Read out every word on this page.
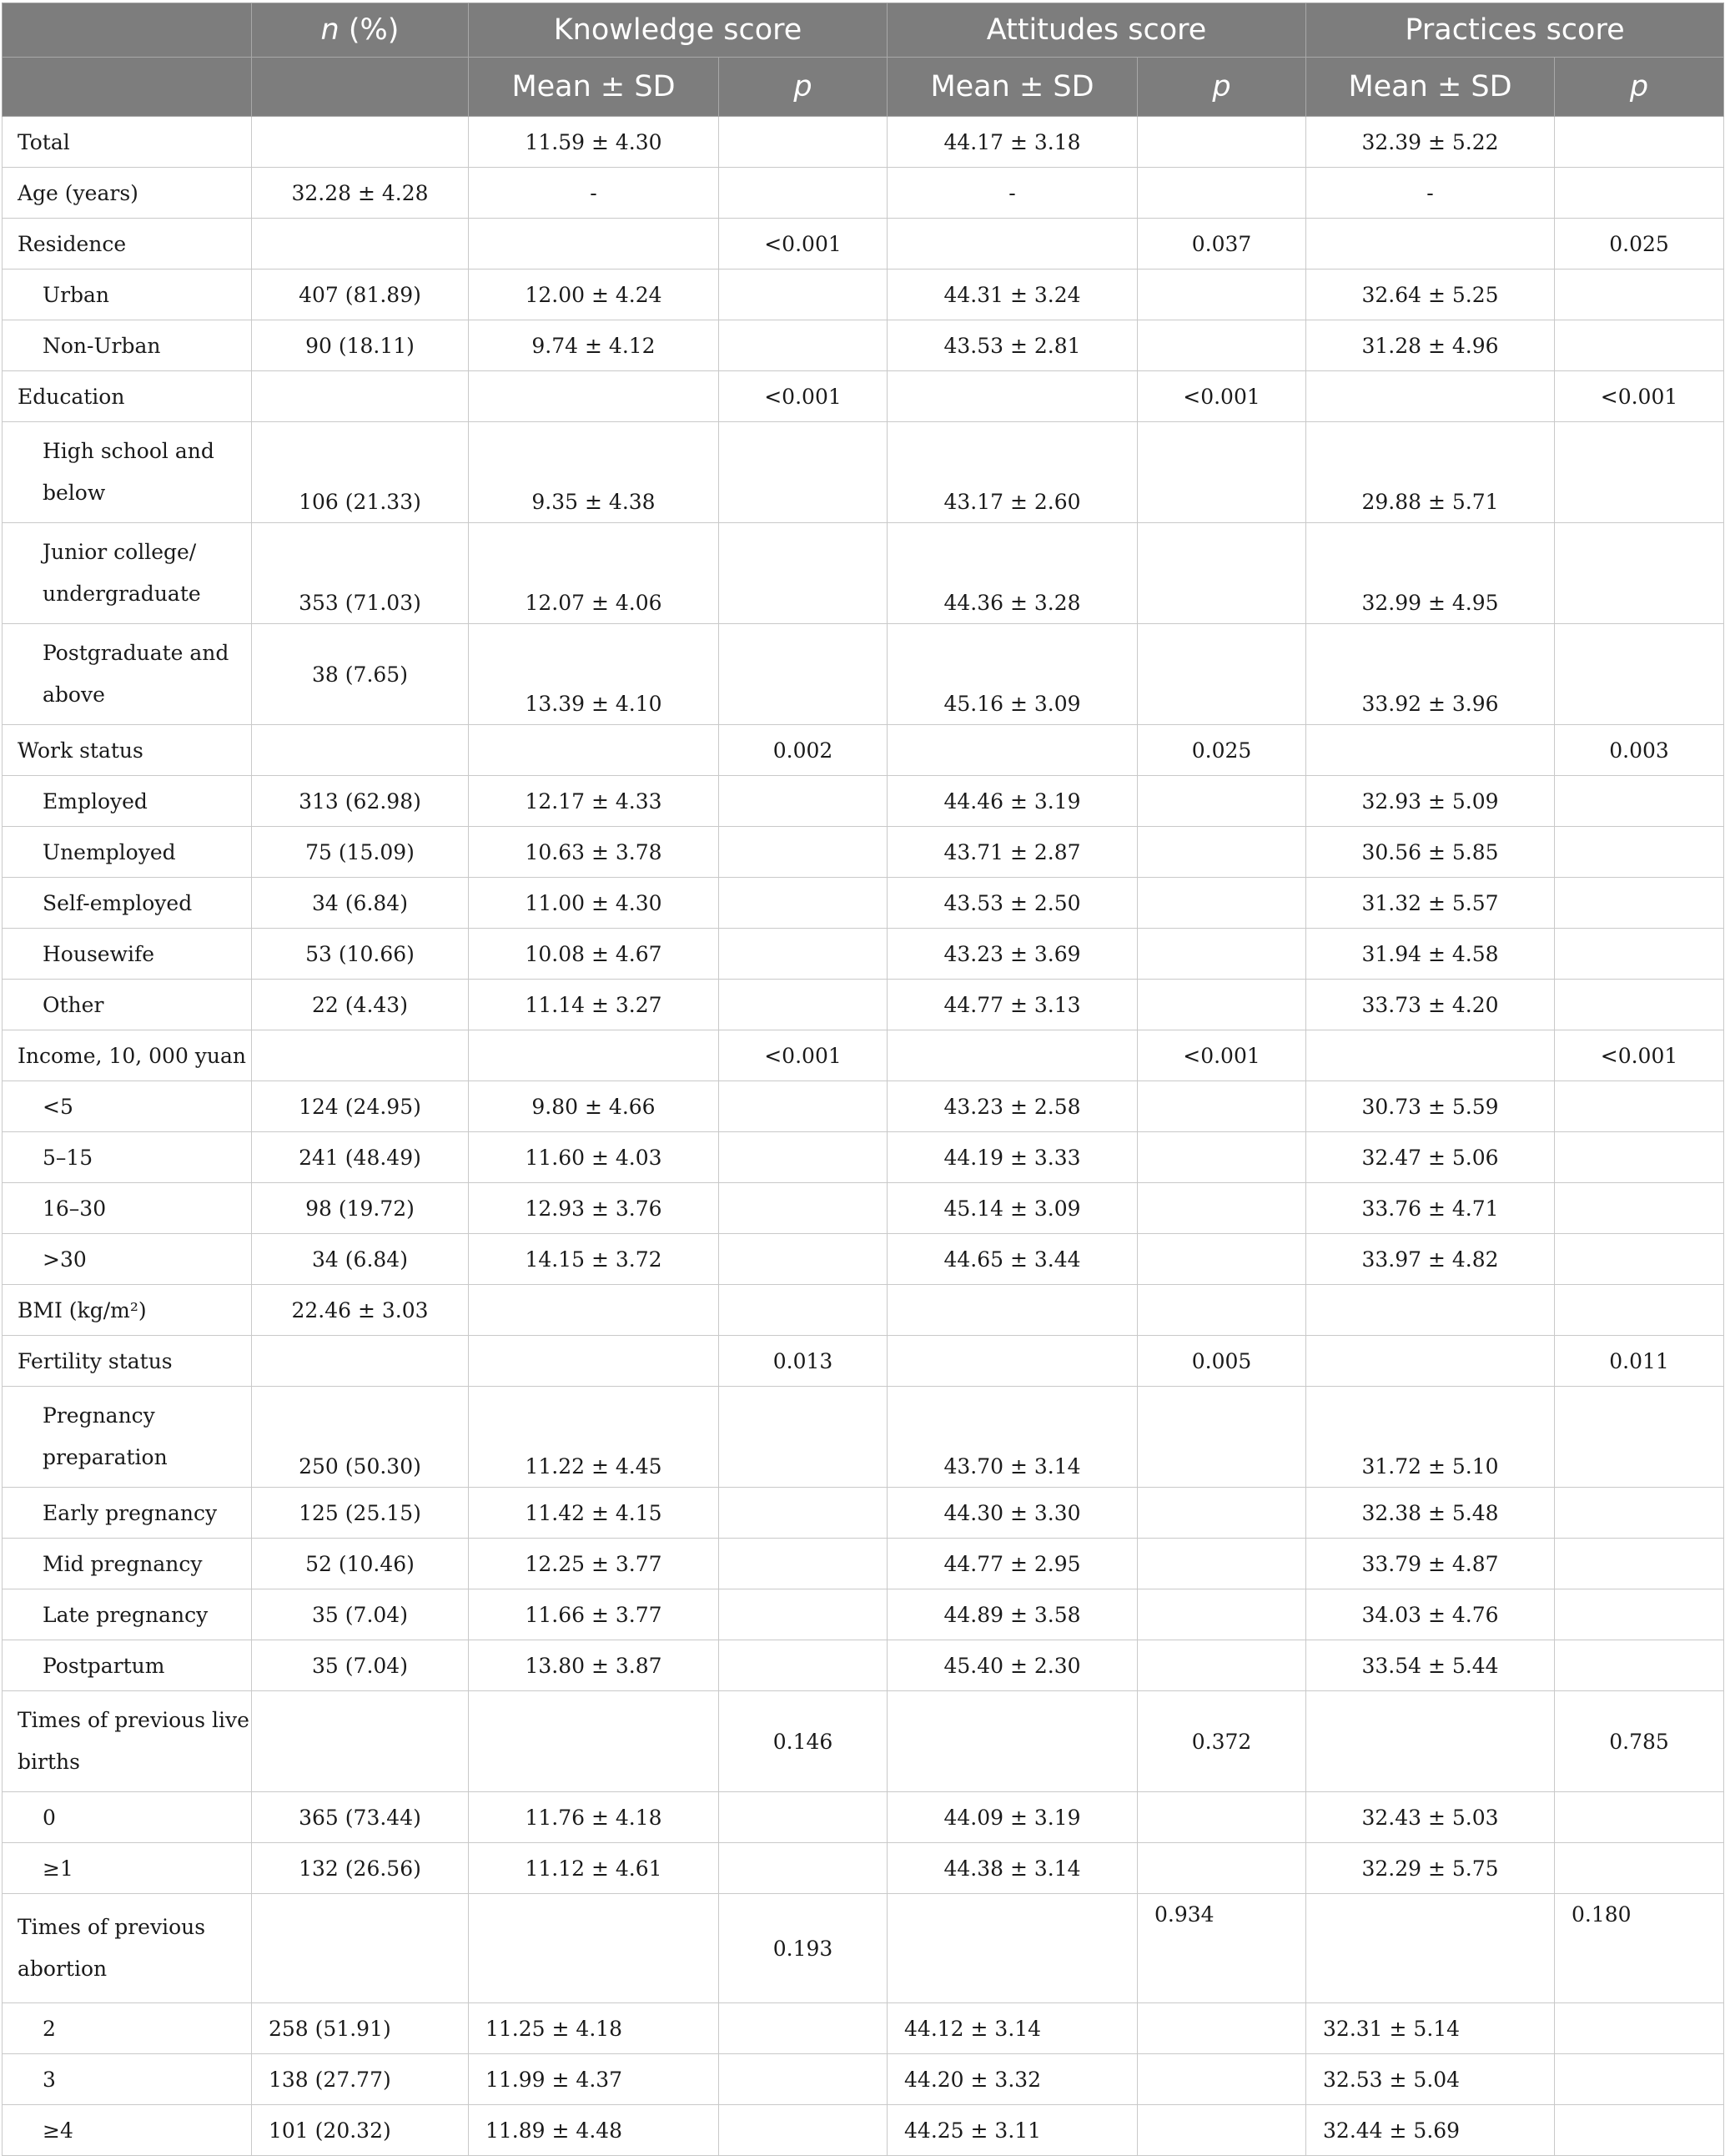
	n (%)	Knowledge score		Attitudes score		Practices score	
		Mean ± SD	p	Mean ± SD	p	Mean ± SD	p
Total		11.59 ± 4.30		44.17 ± 3.18		32.39 ± 5.22	
Age (years)	32.28 ± 4.28	-		-		-	
Residence			<0.001		0.037		0.025
Urban	407 (81.89)	12.00 ± 4.24		44.31 ± 3.24		32.64 ± 5.25	
Non-Urban	90 (18.11)	9.74 ± 4.12		43.53 ± 2.81		31.28 ± 4.96	
Education			<0.001		<0.001		<0.001
High school and below	106 (21.33)	9.35 ± 4.38		43.17 ± 2.60		29.88 ± 5.71	
Junior college/ undergraduate	353 (71.03)	12.07 ± 4.06		44.36 ± 3.28		32.99 ± 4.95	
Postgraduate and above	38 (7.65)	13.39 ± 4.10		45.16 ± 3.09		33.92 ± 3.96	
Work status			0.002		0.025		0.003
Employed	313 (62.98)	12.17 ± 4.33		44.46 ± 3.19		32.93 ± 5.09	
Unemployed	75 (15.09)	10.63 ± 3.78		43.71 ± 2.87		30.56 ± 5.85	
Self-employed	34 (6.84)	11.00 ± 4.30		43.53 ± 2.50		31.32 ± 5.57	
Housewife	53 (10.66)	10.08 ± 4.67		43.23 ± 3.69		31.94 ± 4.58	
Other	22 (4.43)	11.14 ± 3.27		44.77 ± 3.13		33.73 ± 4.20	
Income, 10, 000 yuan			<0.001		<0.001		<0.001
<5	124 (24.95)	9.80 ± 4.66		43.23 ± 2.58		30.73 ± 5.59	
5–15	241 (48.49)	11.60 ± 4.03		44.19 ± 3.33		32.47 ± 5.06	
16–30	98 (19.72)	12.93 ± 3.76		45.14 ± 3.09		33.76 ± 4.71	
>30	34 (6.84)	14.15 ± 3.72		44.65 ± 3.44		33.97 ± 4.82	
BMI (kg/m²)	22.46 ± 3.03						
Fertility status			0.013		0.005		0.011
Pregnancy preparation	250 (50.30)	11.22 ± 4.45		43.70 ± 3.14		31.72 ± 5.10	
Early pregnancy	125 (25.15)	11.42 ± 4.15		44.30 ± 3.30		32.38 ± 5.48	
Mid pregnancy	52 (10.46)	12.25 ± 3.77		44.77 ± 2.95		33.79 ± 4.87	
Late pregnancy	35 (7.04)	11.66 ± 3.77		44.89 ± 3.58		34.03 ± 4.76	
Postpartum	35 (7.04)	13.80 ± 3.87		45.40 ± 2.30		33.54 ± 5.44	
Times of previous live births			0.146		0.372		0.785
0	365 (73.44)	11.76 ± 4.18		44.09 ± 3.19		32.43 ± 5.03	
≥1	132 (26.56)	11.12 ± 4.61		44.38 ± 3.14		32.29 ± 5.75	
Times of previous abortion			0.193		0.934		0.180
2	258 (51.91)	11.25 ± 4.18		44.12 ± 3.14		32.31 ± 5.14	
3	138 (27.77)	11.99 ± 4.37		44.20 ± 3.32		32.53 ± 5.04	
≥4	101 (20.32)	11.89 ± 4.48		44.25 ± 3.11		32.44 ± 5.69	
